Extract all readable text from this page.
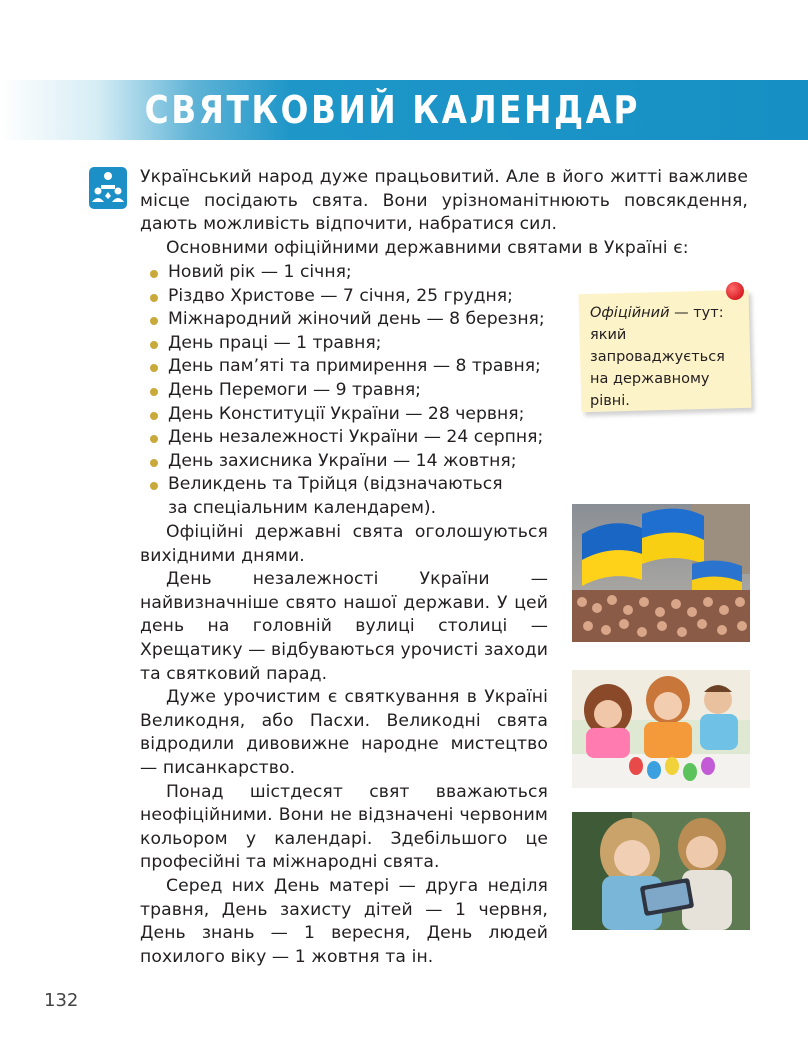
СВЯТКОВИЙ КАЛЕНДАР

Український народ дуже працьовитий. Але в його житті важливе місце посідають свята. Вони урізноманітнюють повсякдення, дають можливість відпочити, набратися сил.

Основними офіційними державними святами в Україні є:

Новий рік — 1 січня;
Різдво Христове — 7 січня, 25 грудня;
Міжнародний жіночий день — 8 березня;
День праці — 1 травня;
День пам’яті та примирення — 8 травня;
День Перемоги — 9 травня;
День Конституції України — 28 червня;
День незалежності України — 24 серпня;
День захисника України — 14 жовтня;
Великдень та Трійця (відзначаються
за спеціальним календарем).

Офіційні державні свята оголошуються вихідними днями.

День незалежності України — найвизначніше свято нашої держави. У цей день на головній вулиці столиці — Хрещатику — відбуваються урочисті заходи та святковий парад.

Дуже урочистим є святкування в Україні Великодня, або Пасхи. Великодні свята відродили дивовижне народне мистецтво — писанкарство.

Понад шістдесят свят вважаються неофіційними. Вони не відзначені червоним кольором у календарі. Здебільшого це професійні та міжнародні свята.

Серед них День матері — друга неділя травня, День захисту дітей — 1 червня, День знань — 1 вересня, День людей похилого віку — 1 жовтня та ін.

Офіційний — тут: який запроваджується на державному рівні.
132
